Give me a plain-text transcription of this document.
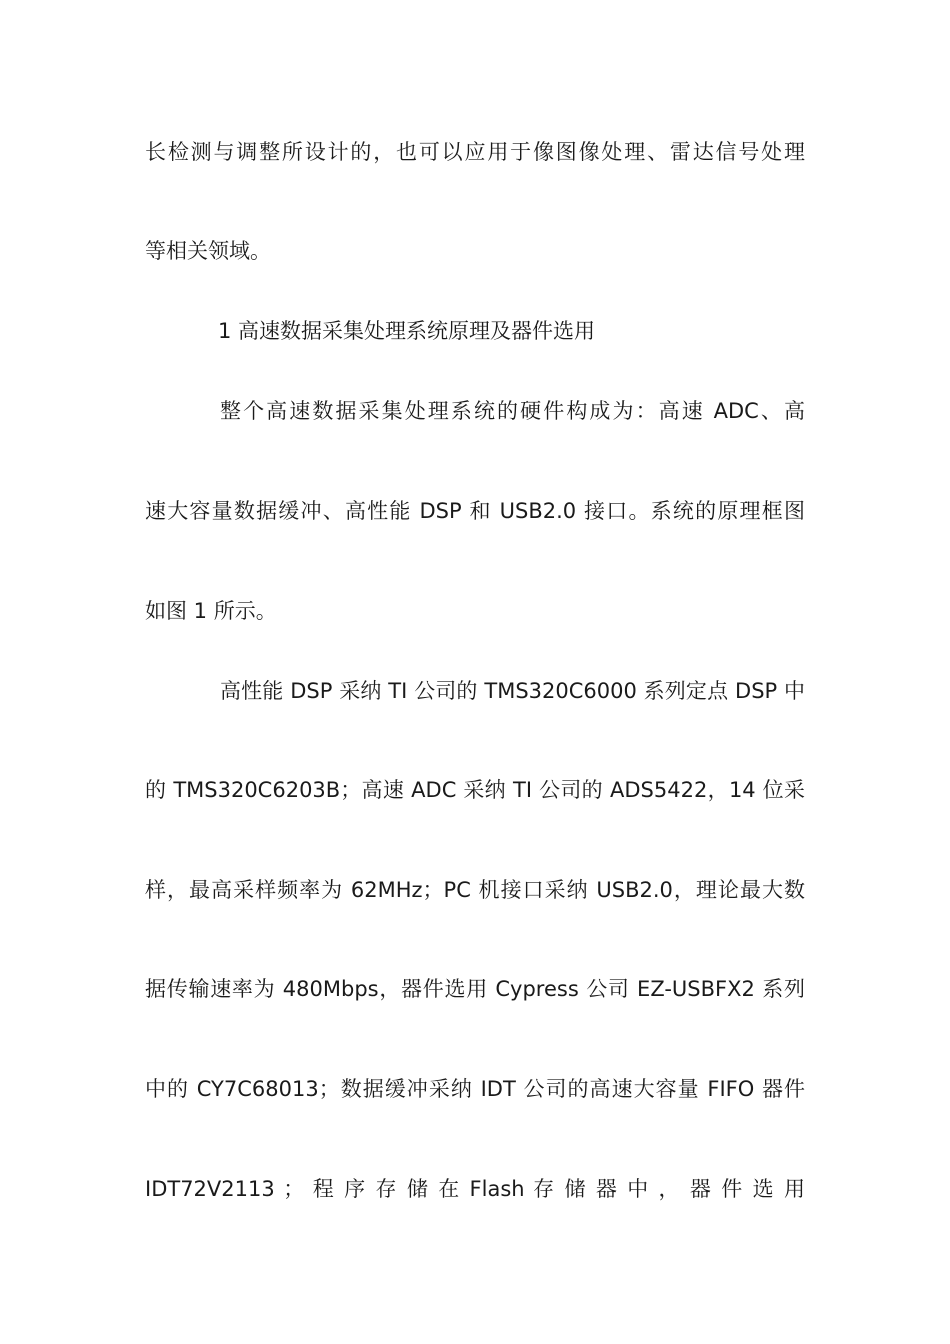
长检测与调整所设计的，也可以应用于像图像处理、雷达信号处理
等相关领域。
1 高速数据采集处理系统原理及器件选用
整个高速数据采集处理系统的硬件构成为：高速 ADC、高
速大容量数据缓冲、高性能 DSP 和 USB2.0 接口。系统的原理框图
如图 1 所示。
高性能 DSP 采纳 TI 公司的 TMS320C6000 系列定点 DSP 中
的 TMS320C6203B；高速 ADC 采纳 TI 公司的 ADS5422，14 位采
样，最高采样频率为 62MHz；PC 机接口采纳 USB2.0，理论最大数
据传输速率为 480Mbps，器件选用 Cypress 公司 EZ-USBFX2 系列
中的 CY7C68013；数据缓冲采纳 IDT 公司的高速大容量 FIFO 器件
IDT72V2113 ； 程 序 存 储 在 Flash 存 储 器 中 ， 器 件 选 用
